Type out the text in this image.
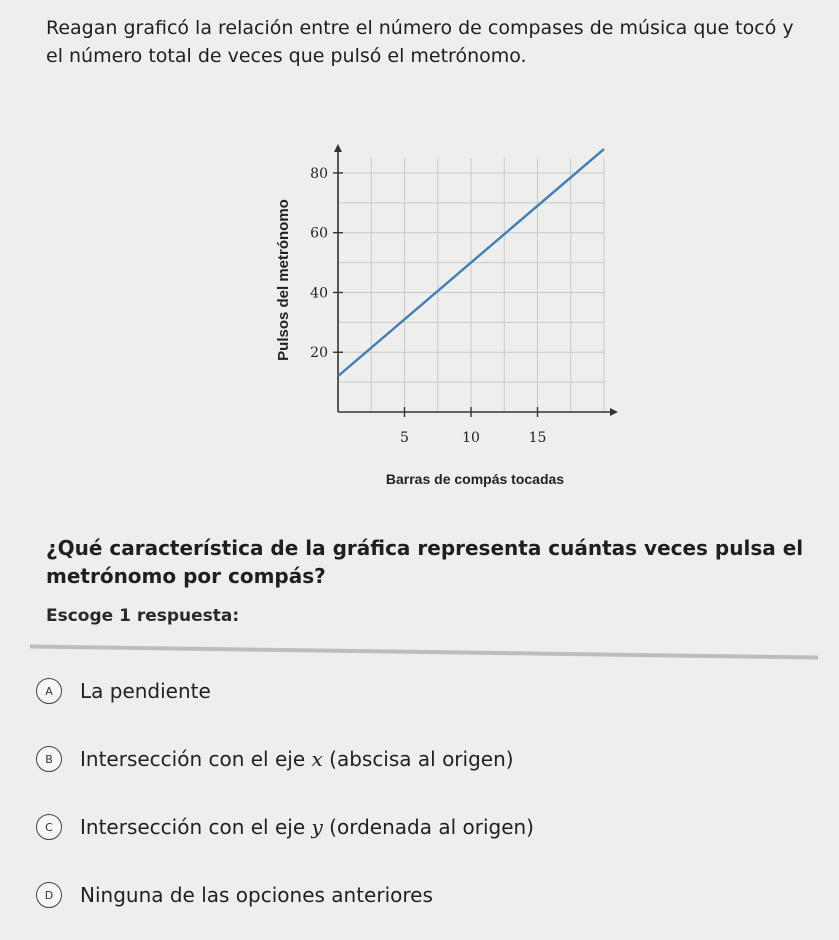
Reagan graficó la relación entre el número de compases de música que tocó y el número total de veces que pulsó el metrónomo.
5	10	15
20
40
60
80
Barras de compás tocadas
Pulsos del metrónomo
¿Qué característica de la gráfica representa cuántas veces pulsa el metrónomo por compás?
Escoge 1 respuesta:
A	La pendiente
B	Intersección con el eje x (abscisa al origen)
C	Intersección con el eje y (ordenada al origen)
D	Ninguna de las opciones anteriores
